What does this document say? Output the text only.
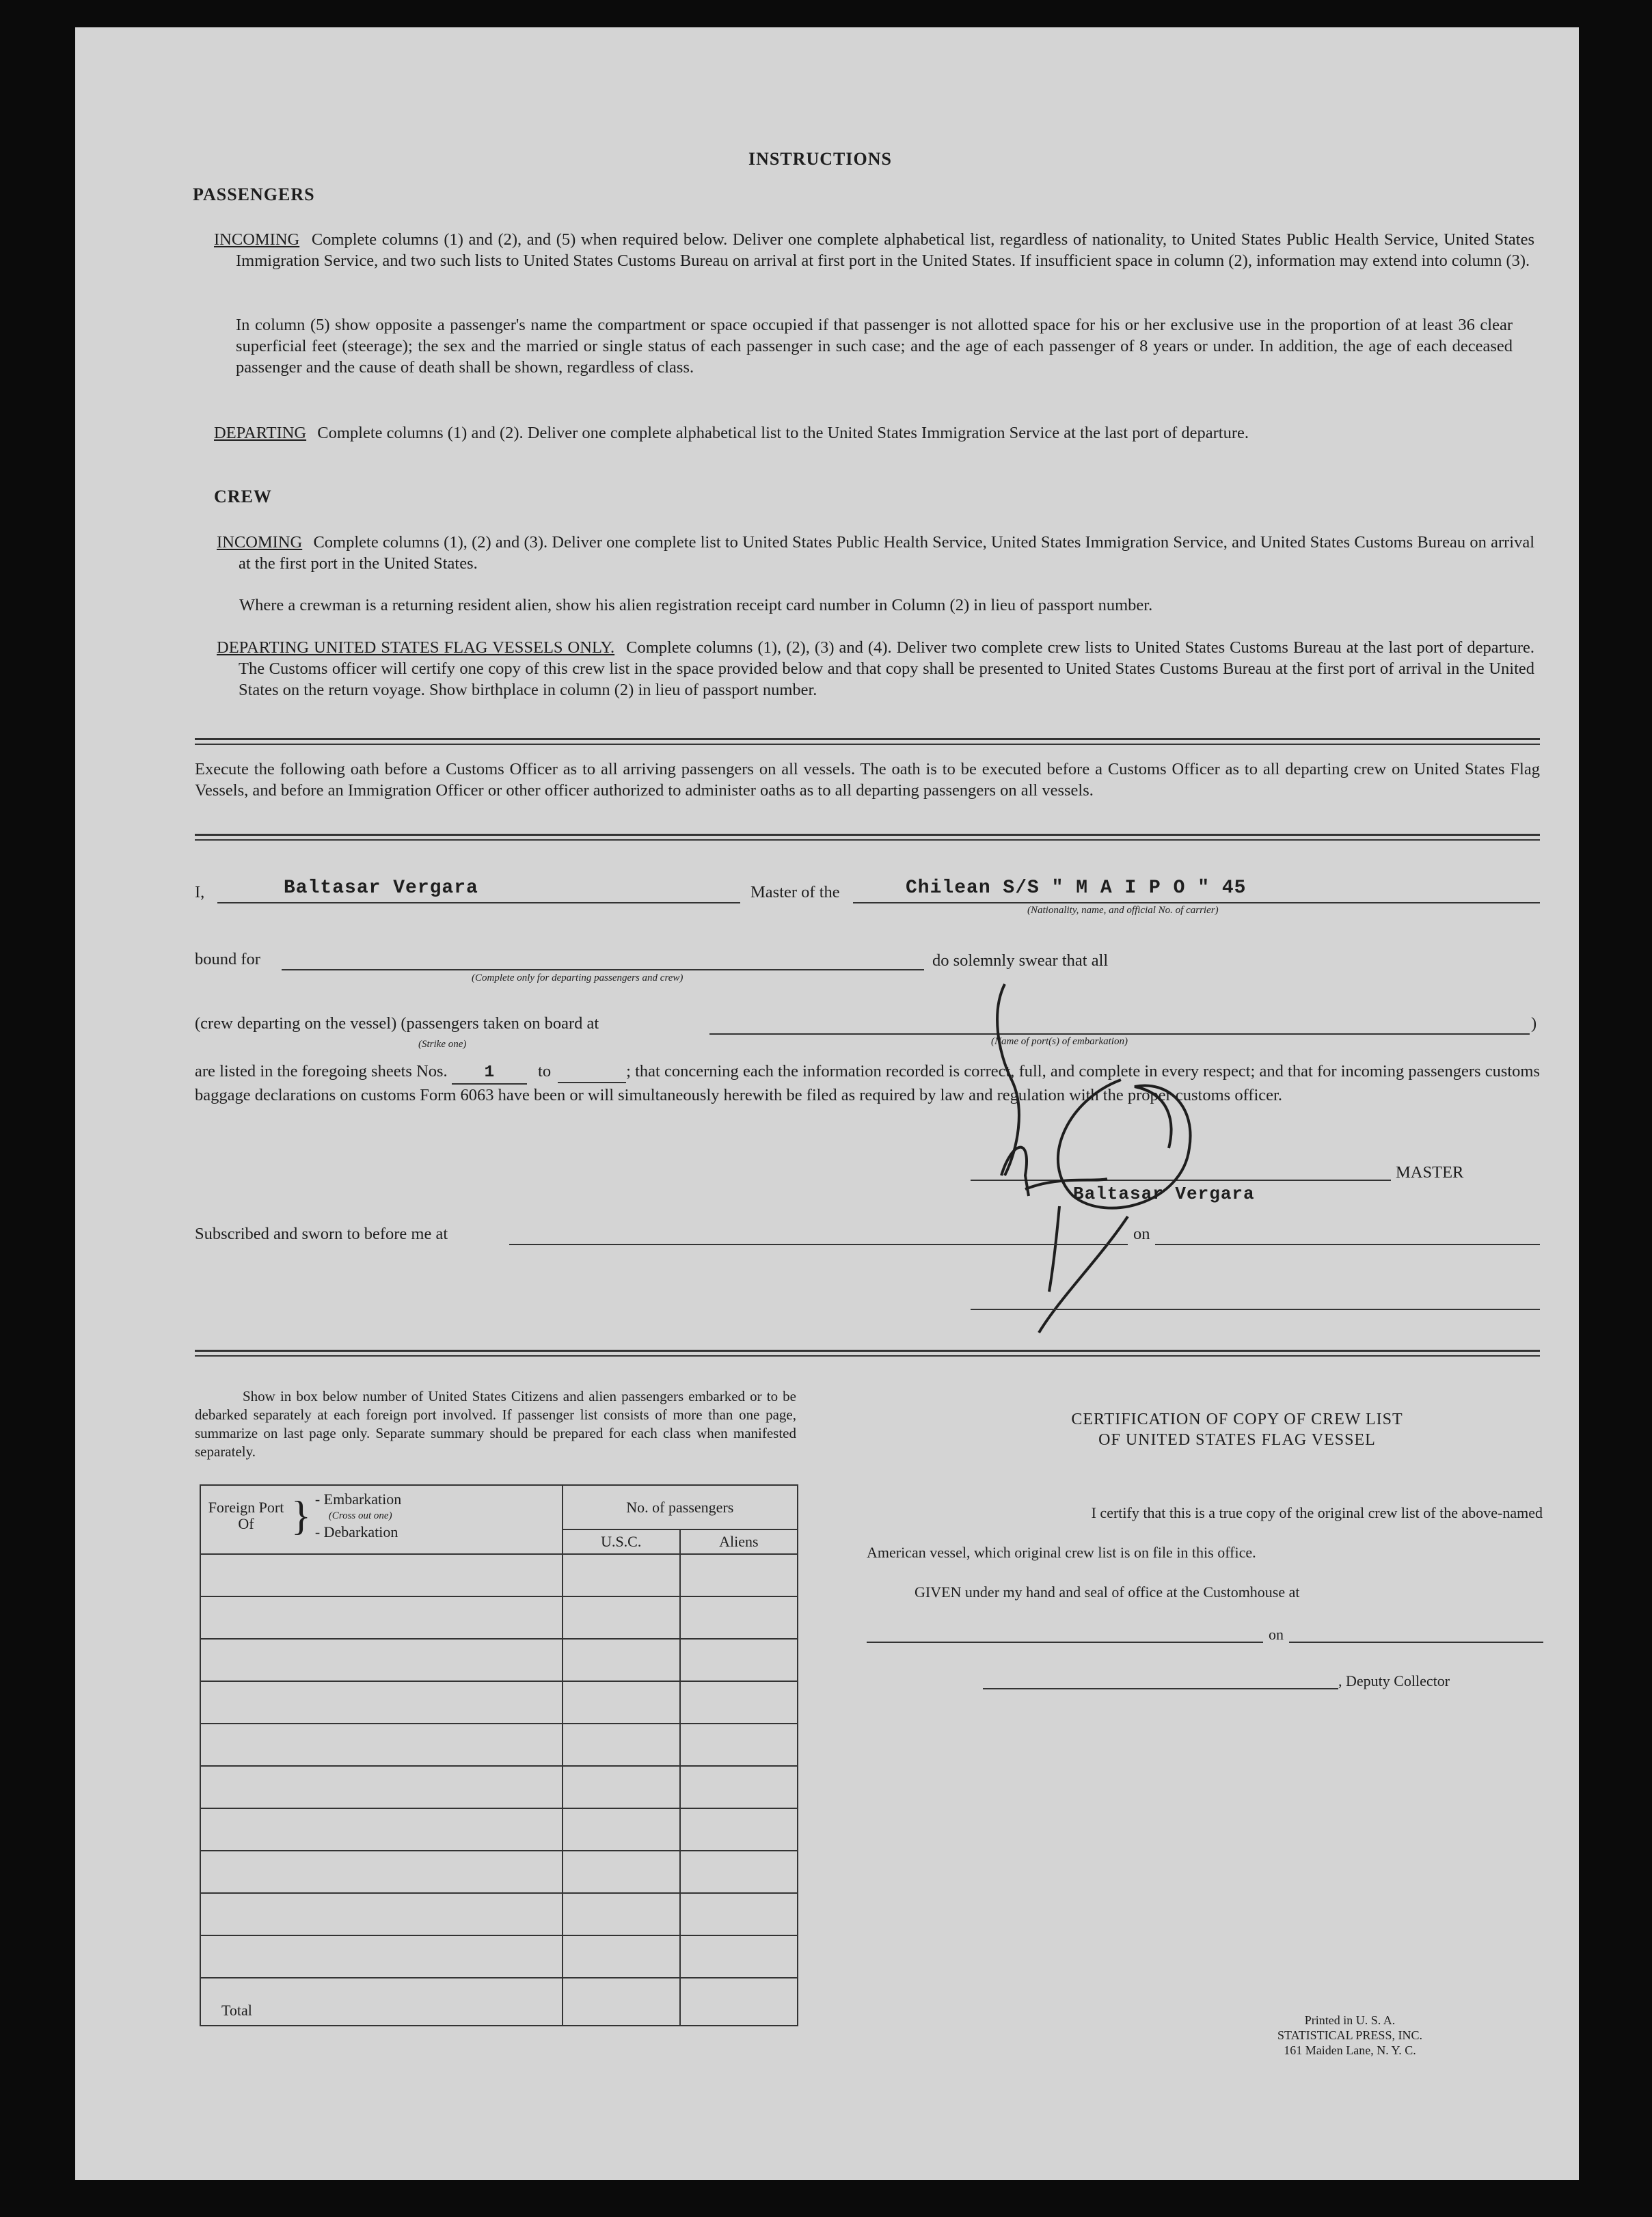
INSTRUCTIONS
PASSENGERS
INCOMING Complete columns (1) and (2), and (5) when required below. Deliver one complete alphabetical list, regardless of nationality, to United States Public Health Service, United States Immigration Service, and two such lists to United States Customs Bureau on arrival at first port in the United States. If insufficient space in column (2), information may extend into column (3).
In column (5) show opposite a passenger's name the compartment or space occupied if that passenger is not allotted space for his or her exclusive use in the proportion of at least 36 clear superficial feet (steerage); the sex and the married or single status of each passenger in such case; and the age of each passenger of 8 years or under. In addition, the age of each deceased passenger and the cause of death shall be shown, regardless of class.
DEPARTING Complete columns (1) and (2). Deliver one complete alphabetical list to the United States Immigration Service at the last port of departure.
CREW
INCOMING Complete columns (1), (2) and (3). Deliver one complete list to United States Public Health Service, United States Immigration Service, and United States Customs Bureau on arrival at the first port in the United States.
Where a crewman is a returning resident alien, show his alien registration receipt card number in Column (2) in lieu of passport number.
DEPARTING UNITED STATES FLAG VESSELS ONLY. Complete columns (1), (2), (3) and (4). Deliver two complete crew lists to United States Customs Bureau at the last port of departure. The Customs officer will certify one copy of this crew list in the space provided below and that copy shall be presented to United States Customs Bureau at the first port of arrival in the United States on the return voyage. Show birthplace in column (2) in lieu of passport number.
Execute the following oath before a Customs Officer as to all arriving passengers on all vessels. The oath is to be executed before a Customs Officer as to all departing crew on United States Flag Vessels, and before an Immigration Officer or other officer authorized to administer oaths as to all departing passengers on all vessels.
I,	Baltasar Vergara	Master of the	Chilean S/S " M A I P O " 45
(Nationality, name, and official No. of carrier)
bound for
(Complete only for departing passengers and crew)
do solemnly swear that all
(crew departing on the vessel) (passengers taken on board at	)
(Strike one)	(Name of port(s) of embarkation)
are listed in the foregoing sheets Nos. 1	to	; that concerning each the information recorded is correct, full, and complete in every respect; and that for incoming passengers customs baggage declarations on customs Form 6063 have been or will simultaneously herewith be filed as required by law and regulation with the proper customs officer.
MASTER
Baltasar Vergara
Subscribed and sworn to before me at	on
Show in box below number of United States Citizens and alien passengers embarked or to be debarked separately at each foreign port involved. If passenger list consists of more than one page, summarize on last page only. Separate summary should be prepared for each class when manifested separately.
Foreign Port Of } - Embarkation
(Cross out one)
- Debarkation	No. of passengers	
	U.S.C.	Aliens

Total		
CERTIFICATION OF COPY OF CREW LIST
OF UNITED STATES FLAG VESSEL
I certify that this is a true copy of the original crew list of the above-named
American vessel, which original crew list is on file in this office.
GIVEN under my hand and seal of office at the Customhouse at
on
, Deputy Collector
Printed in U. S. A.
STATISTICAL PRESS, INC.
161 Maiden Lane, N. Y. C.
